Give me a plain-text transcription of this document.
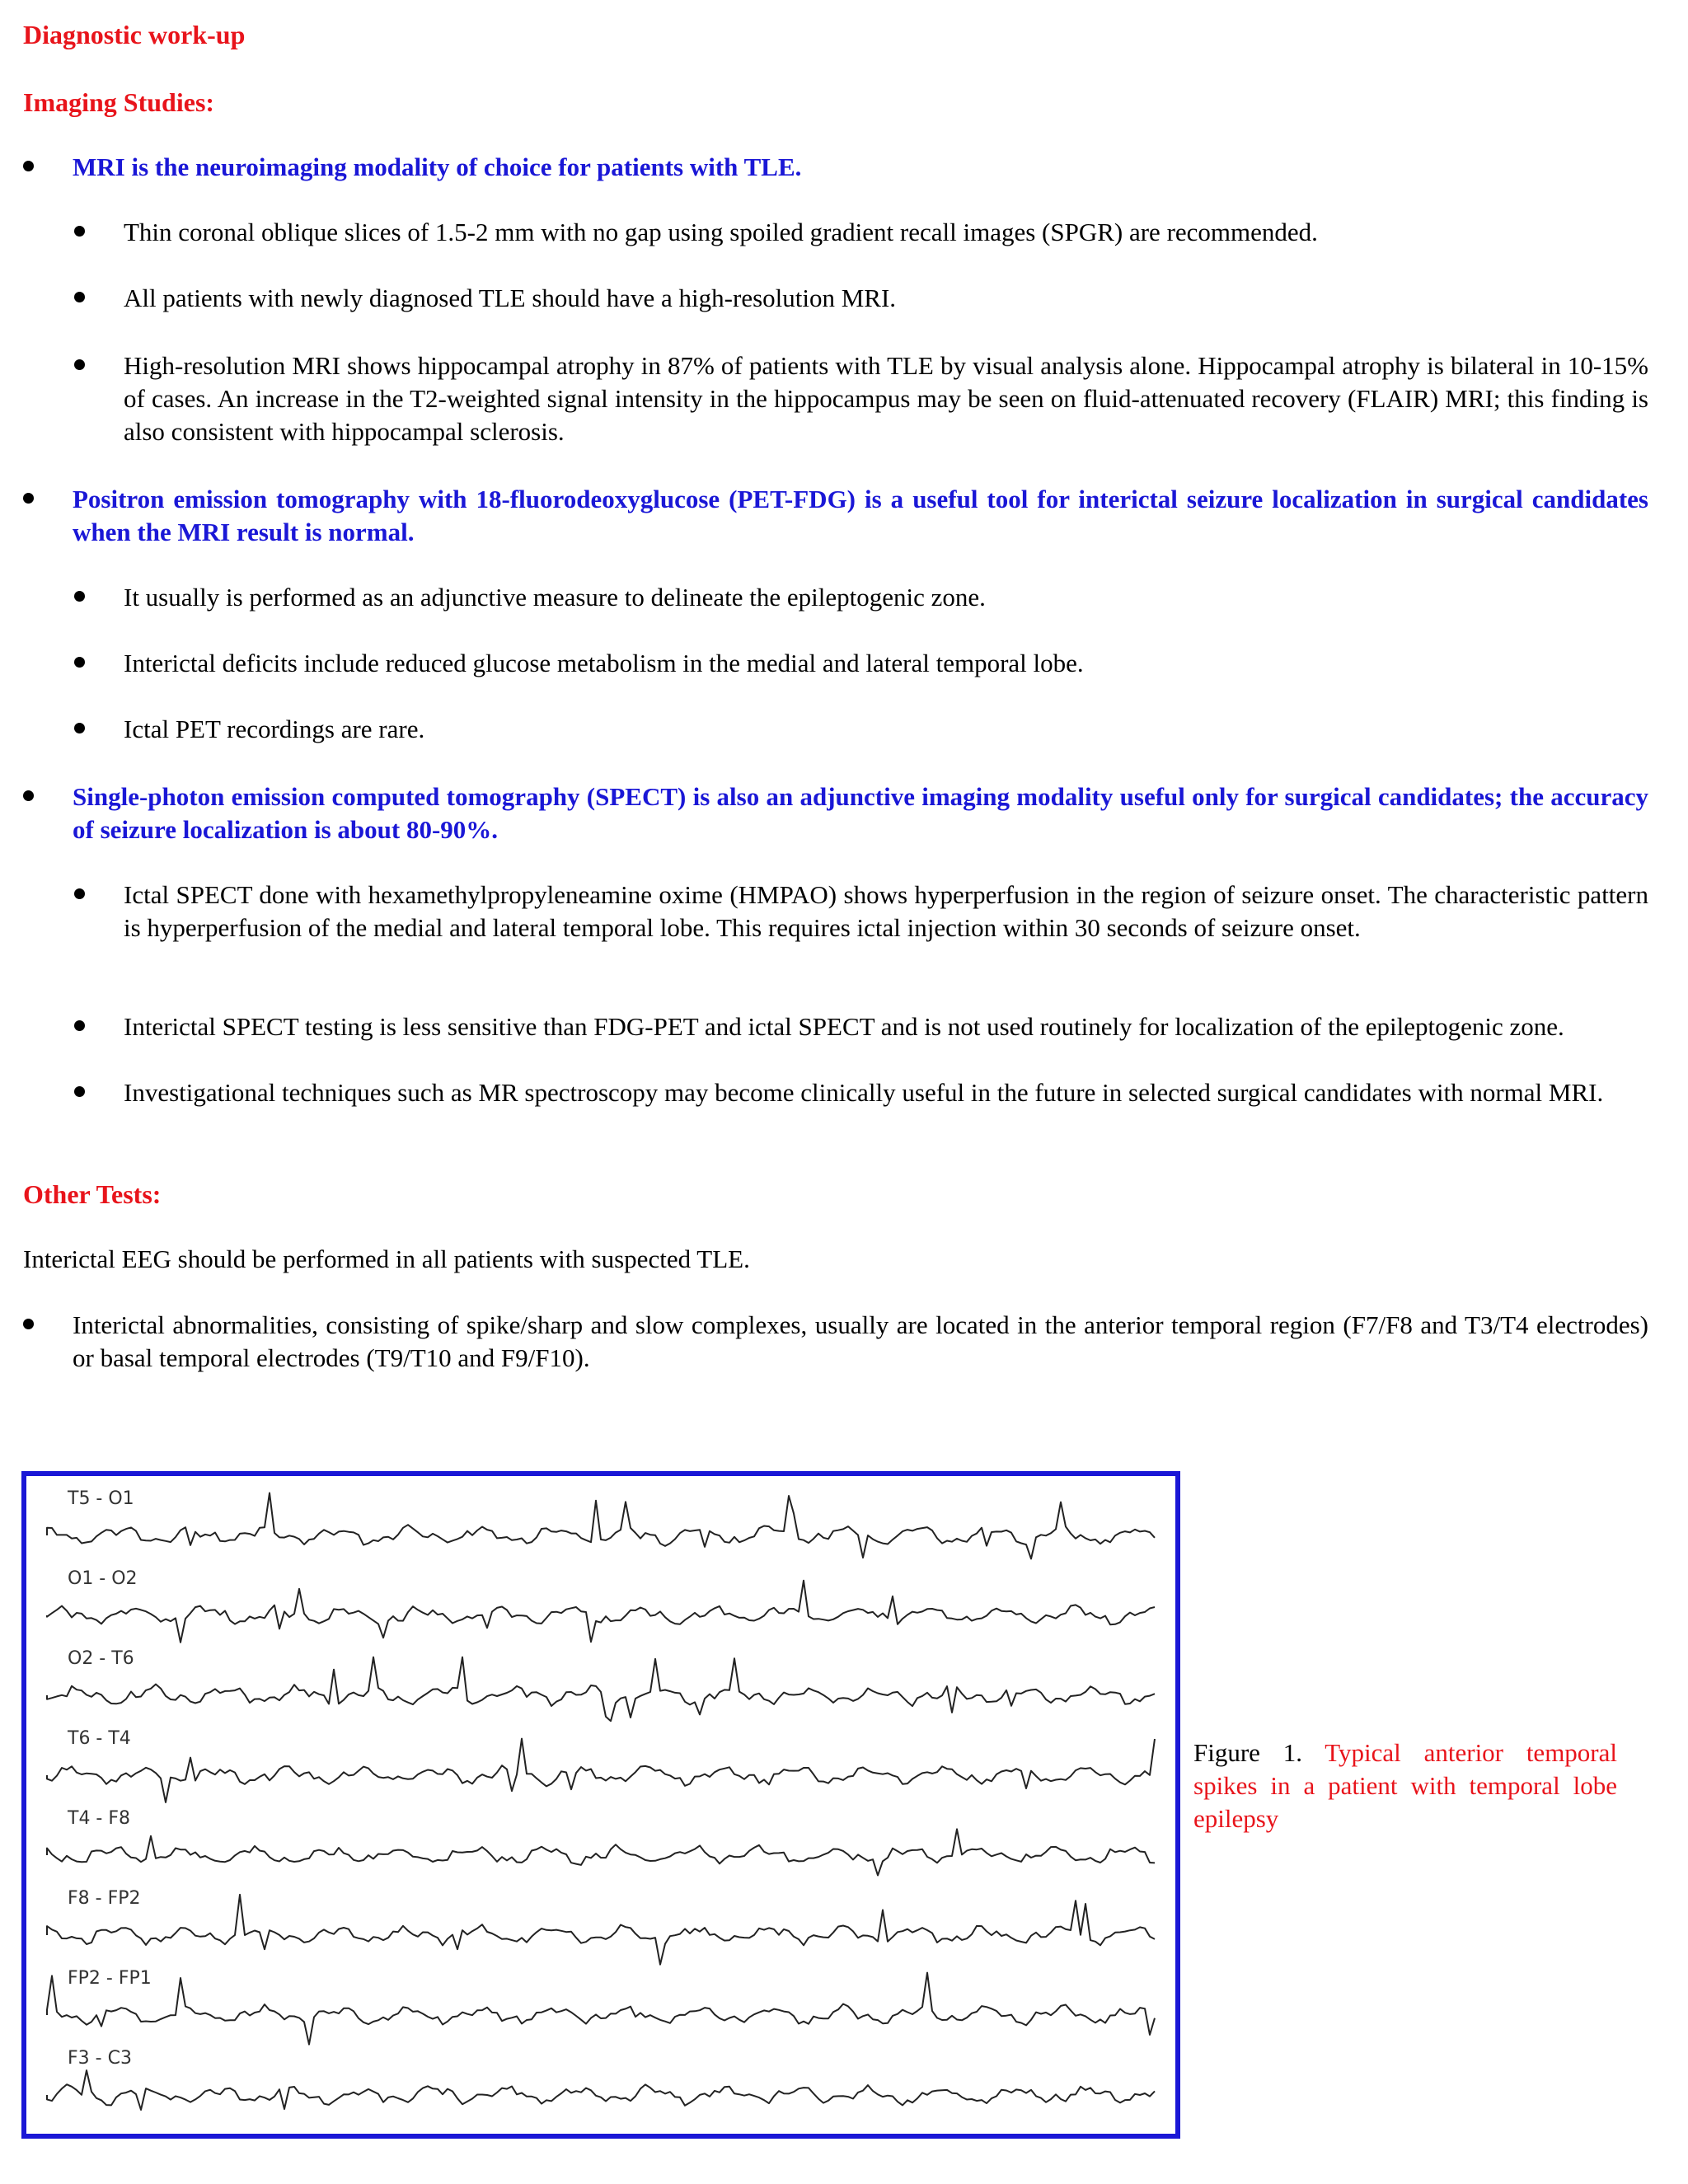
Diagnostic work-up
Imaging Studies:
MRI is the neuroimaging modality of choice for patients with TLE.
Thin coronal oblique slices of 1.5-2 mm with no gap using spoiled gradient recall images (SPGR) are recommended.
All patients with newly diagnosed TLE should have a high-resolution MRI.
High-resolution MRI shows hippocampal atrophy in 87% of patients with TLE by visual analysis alone. Hippocampal atrophy is bilateral in 10-15% of cases. An increase in the T2-weighted signal intensity in the hippocampus may be seen on fluid-attenuated recovery (FLAIR) MRI; this finding is also consistent with hippocampal sclerosis.
Positron emission tomography with 18-fluorodeoxyglucose (PET-FDG) is a useful tool for interictal seizure localization in surgical candidates when the MRI result is normal.
It usually is performed as an adjunctive measure to delineate the epileptogenic zone.
Interictal deficits include reduced glucose metabolism in the medial and lateral temporal lobe.
Ictal PET recordings are rare.
Single-photon emission computed tomography (SPECT) is also an adjunctive imaging modality useful only for surgical candidates; the accuracy of seizure localization is about 80-90%.
Ictal SPECT done with hexamethylpropyleneamine oxime (HMPAO) shows hyperperfusion in the region of seizure onset. The characteristic pattern is hyperperfusion of the medial and lateral temporal lobe. This requires ictal injection within 30 seconds of seizure onset.
Interictal SPECT testing is less sensitive than FDG-PET and ictal SPECT and is not used routinely for localization of the epileptogenic zone.
Investigational techniques such as MR spectroscopy may become clinically useful in the future in selected surgical candidates with normal MRI.
Other Tests:
Interictal EEG should be performed in all patients with suspected TLE.
Interictal abnormalities, consisting of spike/sharp and slow complexes, usually are located in the anterior temporal region (F7/F8 and T3/T4 electrodes) or basal temporal electrodes (T9/T10 and F9/F10).
T5 - O1
O1 - O2
O2 - T6
T6 - T4
T4 - F8
F8 - FP2
FP2 - FP1
F3 - C3
Figure 1. Typical anterior temporal spikes in a patient with temporal lobe epilepsy
